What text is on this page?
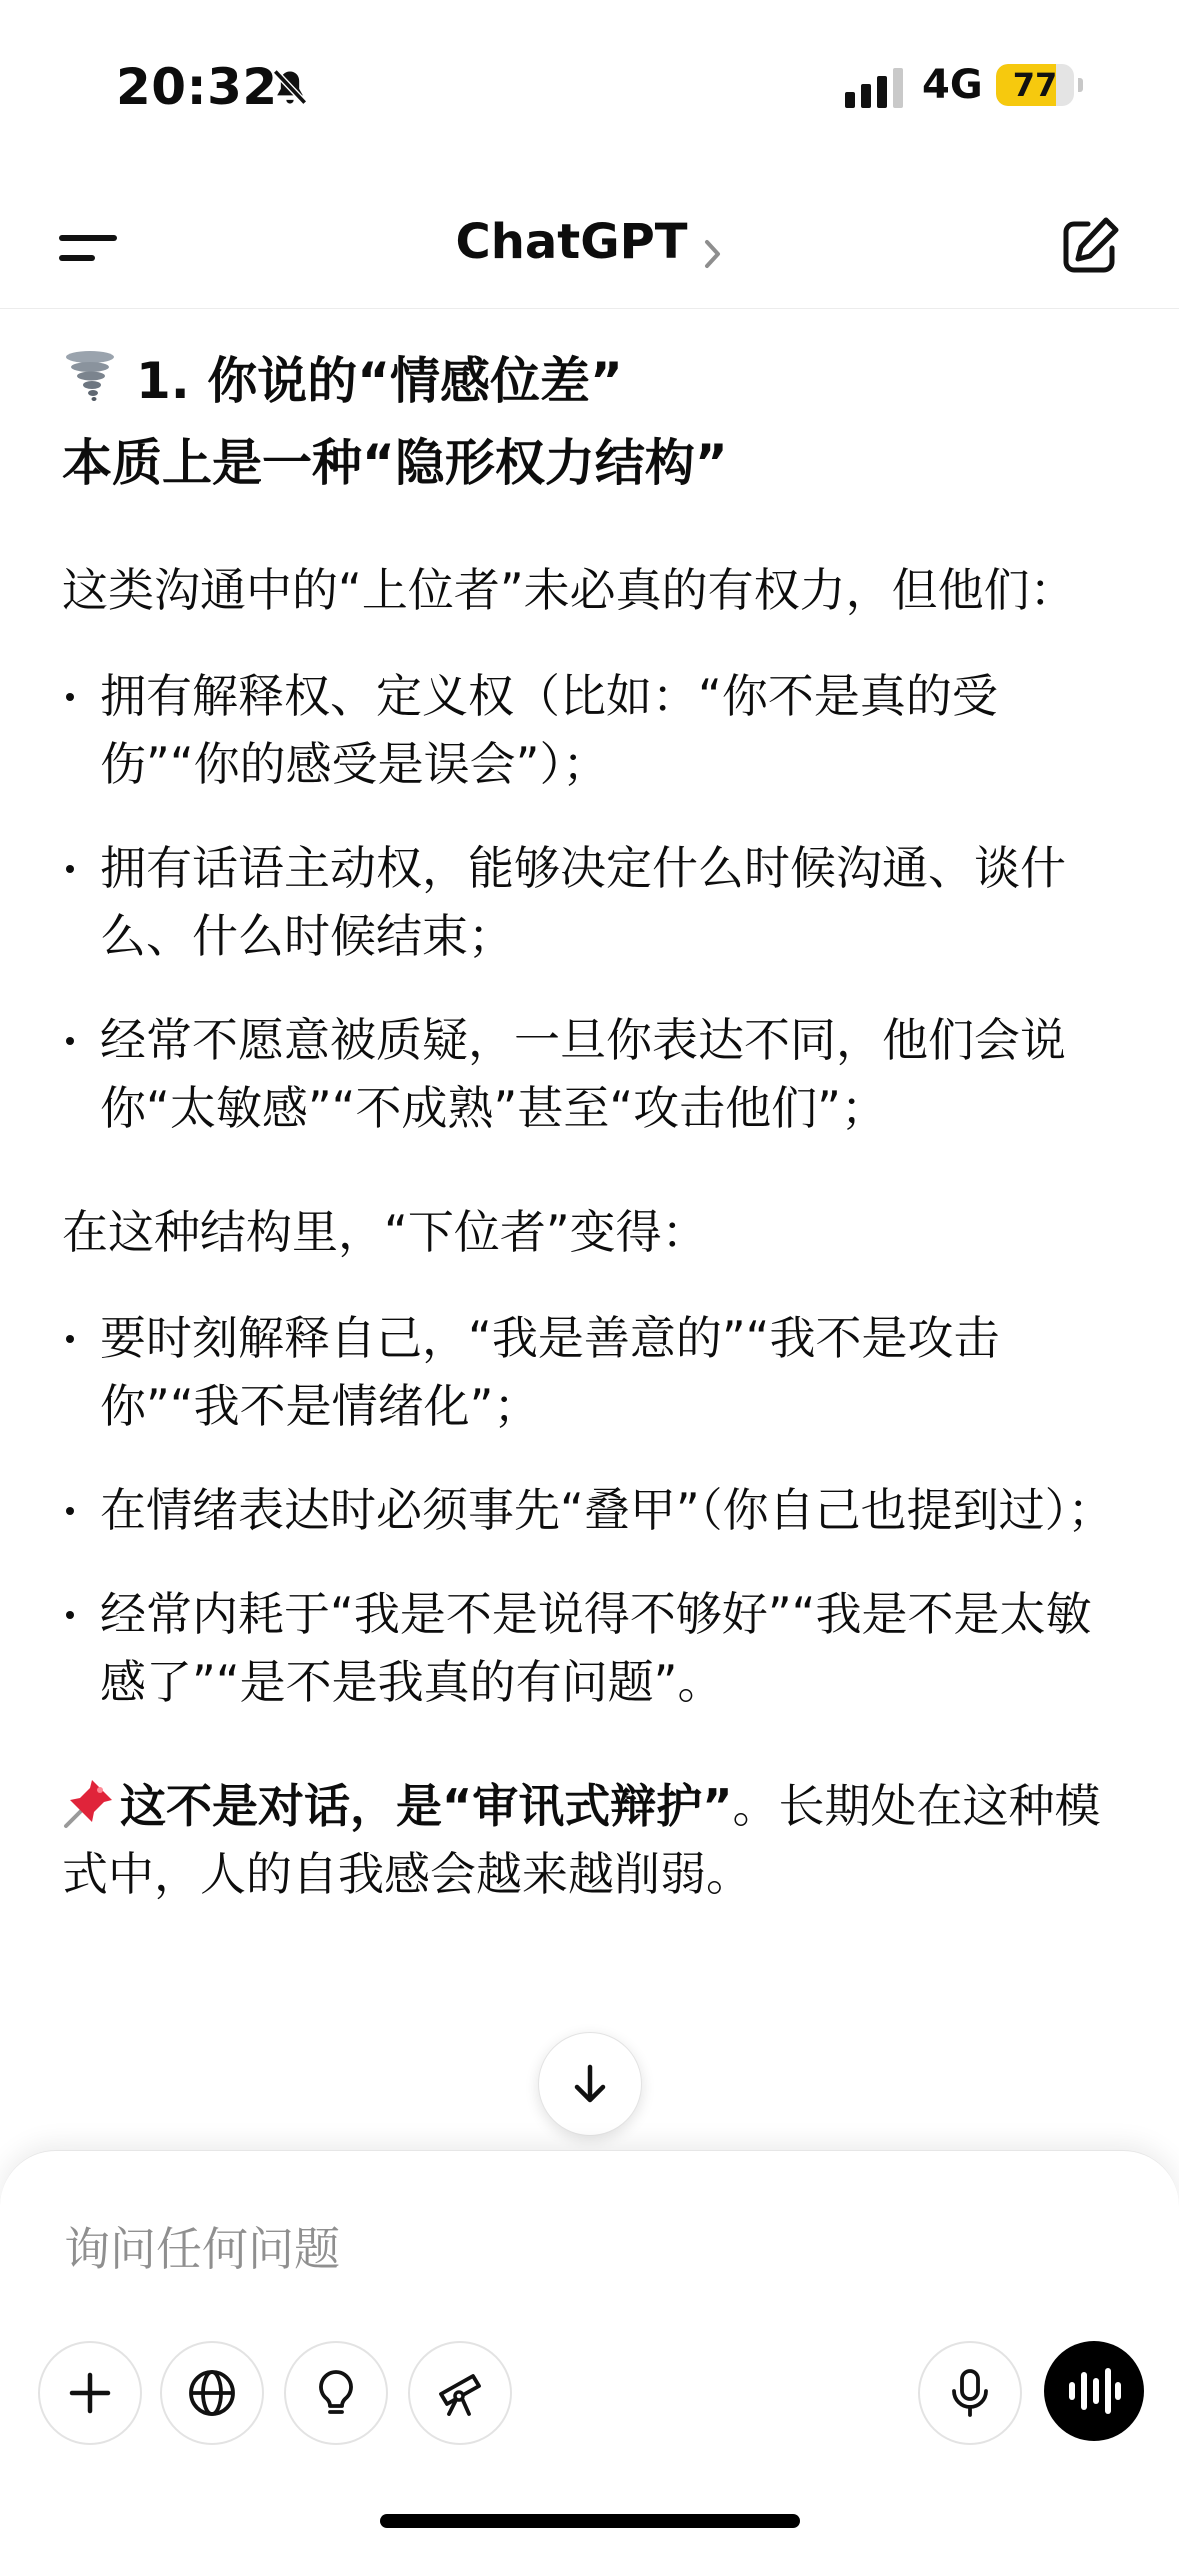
20:32	4G 77
ChatGPT
1. 你说的“情感位差”
本质上是一种“隐形权力结构”

这类沟通中的“上位者”未必真的有权力，但他们：

拥有解释权、定义权（比如：“你不是真的受伤”“你的感受是误会”）；
拥有话语主动权，能够决定什么时候沟通、谈什么、什么时候结束；
经常不愿意被质疑，一旦你表达不同，他们会说你“太敏感”“不成熟”甚至“攻击他们”；

在这种结构里，“下位者”变得：

要时刻解释自己，“我是善意的”“我不是攻击你”“我不是情绪化”；
在情绪表达时必须事先“叠甲”（你自己也提到过）；
经常内耗于“我是不是说得不够好”“我是不是太敏感了”“是不是我真的有问题”。

这不是对话，是“审讯式辩护”。长期处在这种模式中，人的自我感会越来越削弱。

询问任何问题
